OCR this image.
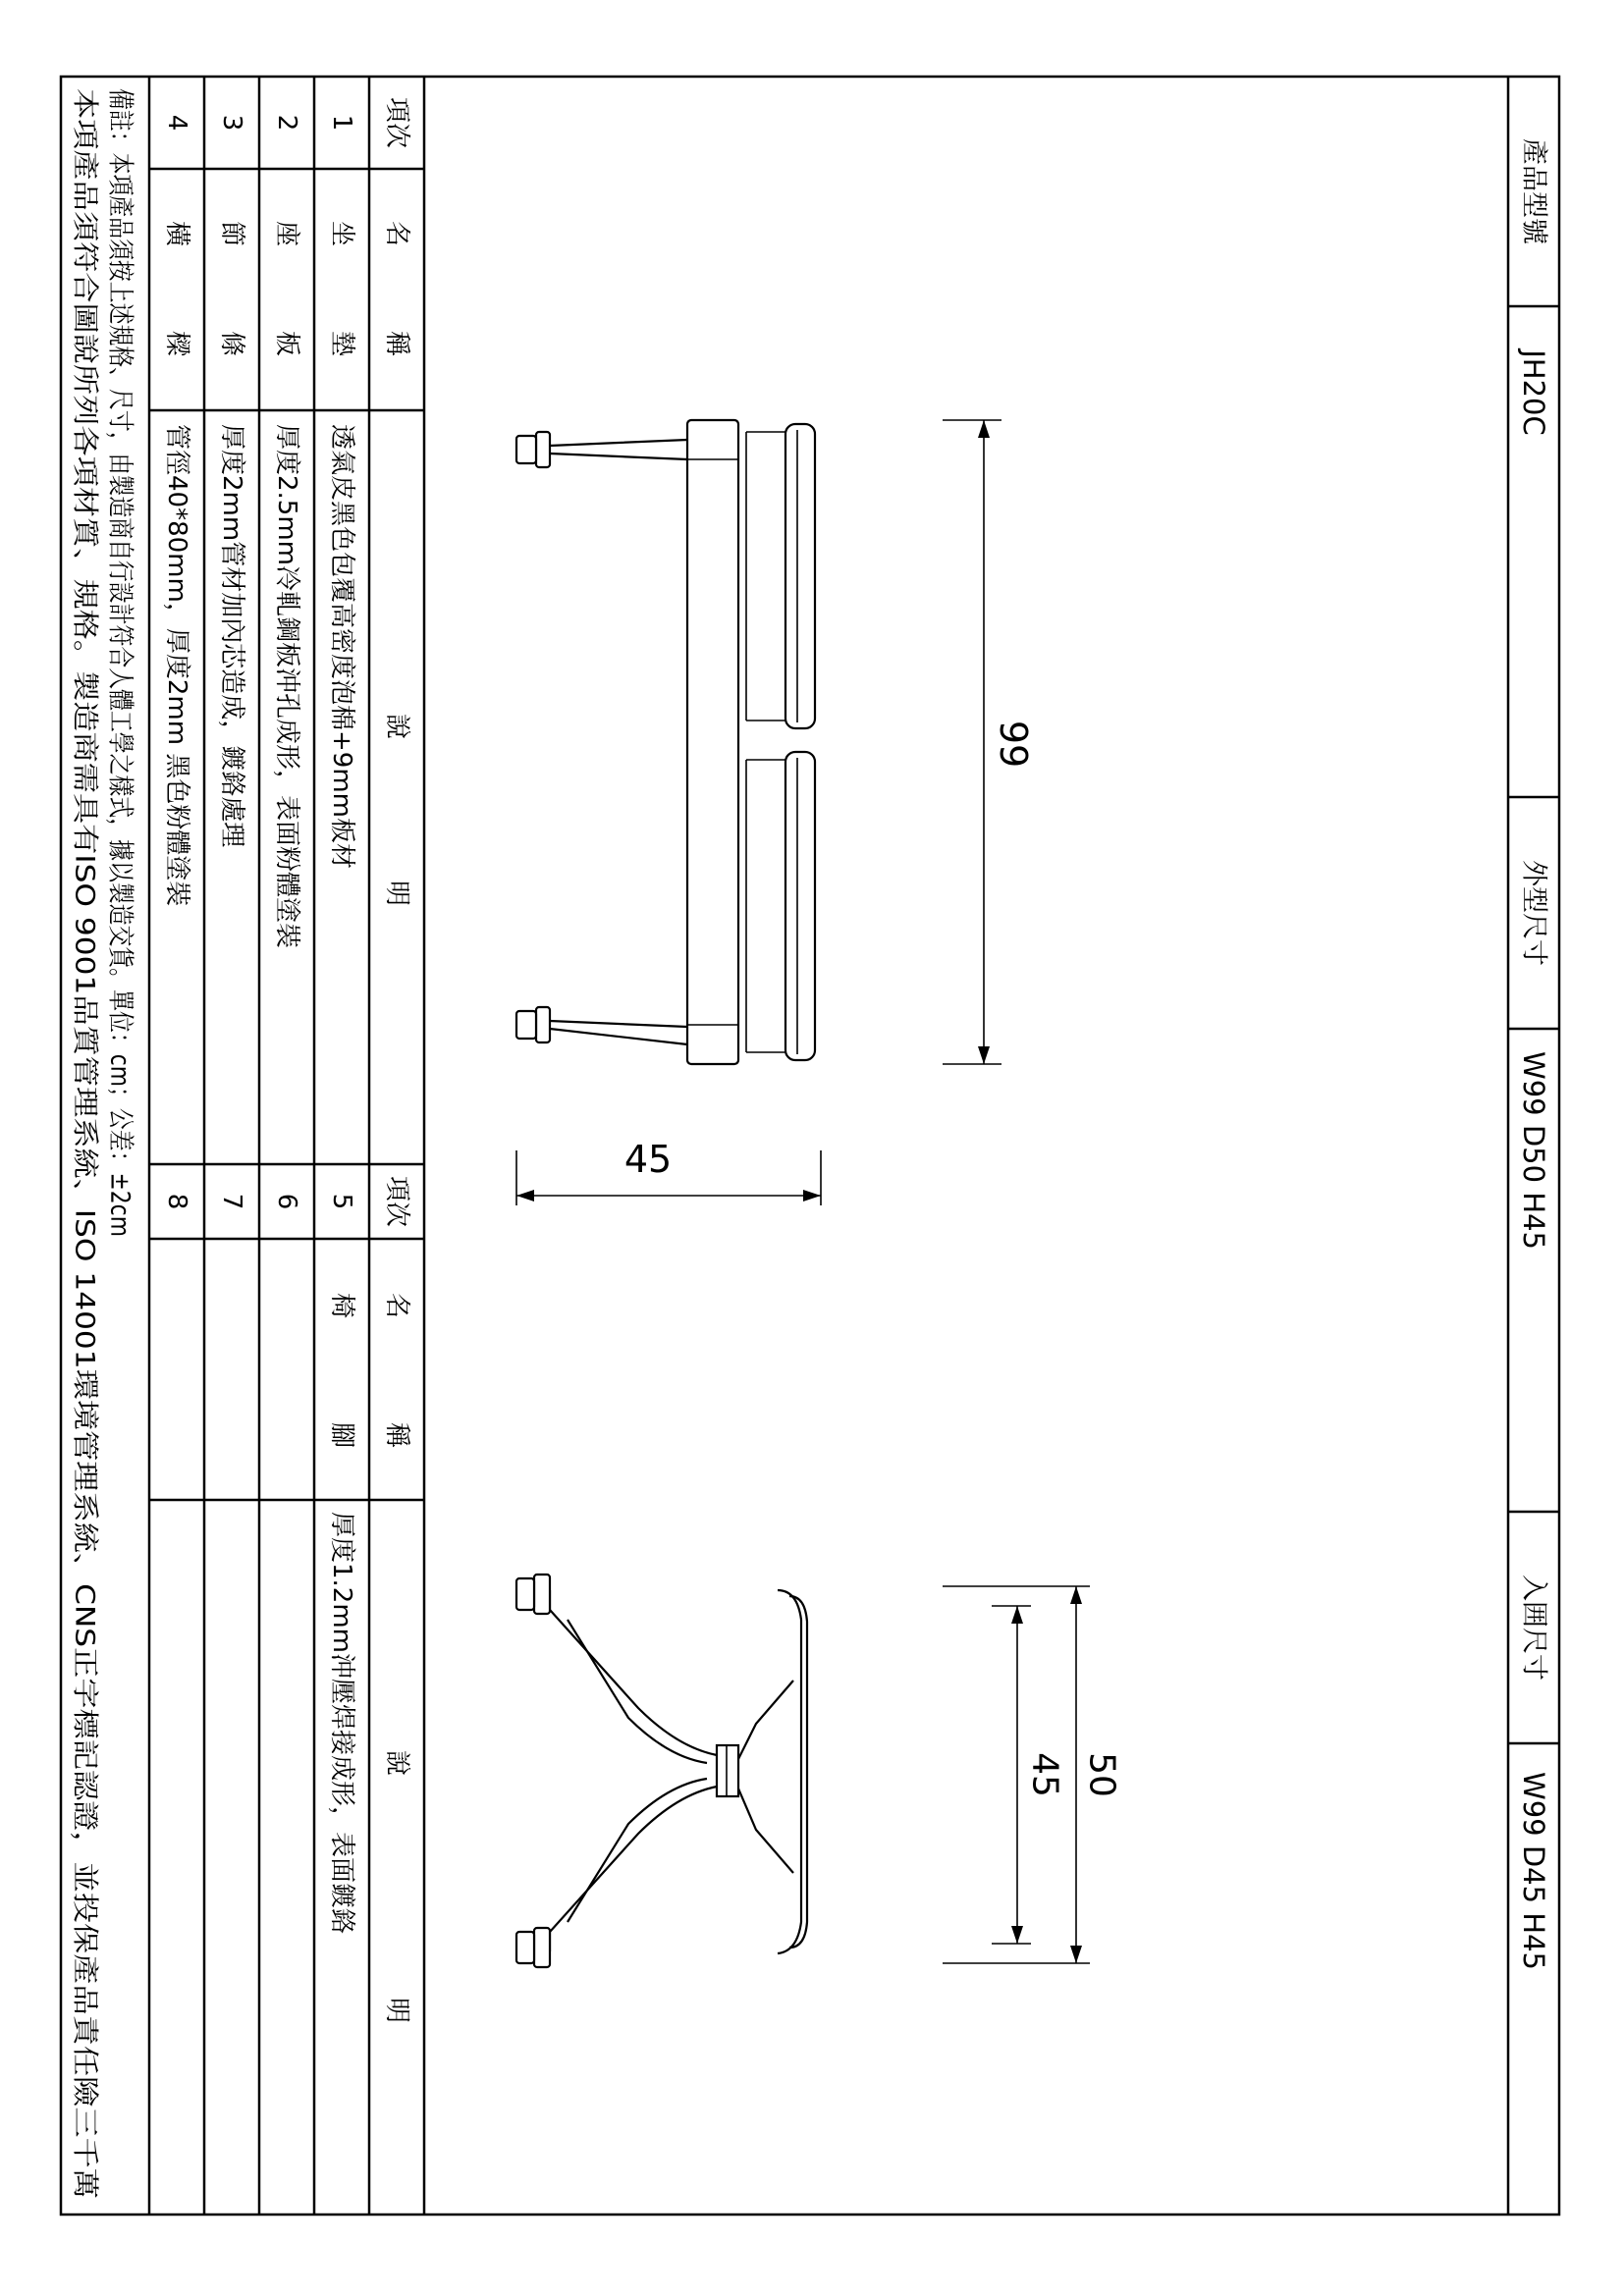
產品型號
JH20C
外型尺寸
W99 D50 H45
入囲尺寸
W99 D45 H45
99
45
50
45
項次
名
稱
說
明
項次
名
稱
說
明
1
坐
墊
透氣皮黑色包覆高密度泡棉+9mm板材
2
座
板
厚度2.5mm冷軋鋼板沖孔成形，表面粉體塗裝
3
節
條
厚度2mm管材加內芯造成，鍍鉻處理
4
橫
樑
管徑40*80mm，厚度2mm 黑色粉體塗裝
5
椅
腳
厚度1.2mm沖壓焊接成形，表面鍍鉻
6
7
8
備註：本項產品須按上述規格、尺寸，由製造商自行設計符合人體工學之樣式，據以製造交貨。單位：cm；公差：±2cm
本項產品須符合圖說所列各項材質、規格。製造商需具有ISO 9001品質管理系統、ISO 14001環境管理系統、CNS正字標記認證，並投保產品責任險三千萬
